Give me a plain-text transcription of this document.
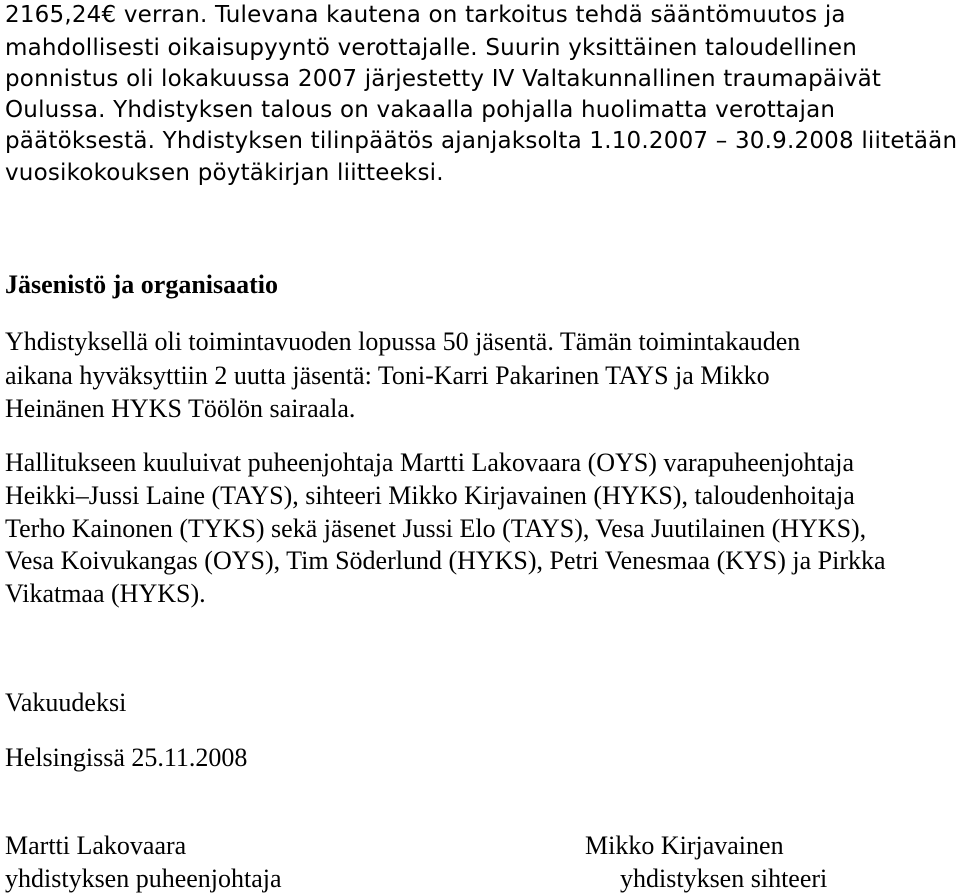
2165,24€ verran. Tulevana kautena on tarkoitus tehdä sääntömuutos ja

mahdollisesti oikaisupyyntö verottajalle. Suurin yksittäinen taloudellinen

ponnistus oli lokakuussa 2007 järjestetty IV Valtakunnallinen traumapäivät

Oulussa. Yhdistyksen talous on vakaalla pohjalla huolimatta verottajan

päätöksestä. Yhdistyksen tilinpäätös ajanjaksolta 1.10.2007 – 30.9.2008 liitetään

vuosikokouksen pöytäkirjan liitteeksi.

Jäsenistö ja organisaatio

Yhdistyksellä oli toimintavuoden lopussa 50 jäsentä. Tämän toimintakauden

aikana hyväksyttiin 2 uutta jäsentä: Toni-Karri Pakarinen TAYS ja Mikko

Heinänen HYKS Töölön sairaala.

Hallitukseen kuuluivat puheenjohtaja Martti Lakovaara (OYS) varapuheenjohtaja

Heikki–Jussi Laine (TAYS), sihteeri Mikko Kirjavainen (HYKS), taloudenhoitaja

Terho Kainonen (TYKS) sekä jäsenet Jussi Elo (TAYS), Vesa Juutilainen (HYKS),

Vesa Koivukangas (OYS), Tim Söderlund (HYKS), Petri Venesmaa (KYS) ja Pirkka

Vikatmaa (HYKS).

Vakuudeksi

Helsingissä 25.11.2008

Martti Lakovaara

yhdistyksen puheenjohtaja

Mikko Kirjavainen

yhdistyksen sihteeri
